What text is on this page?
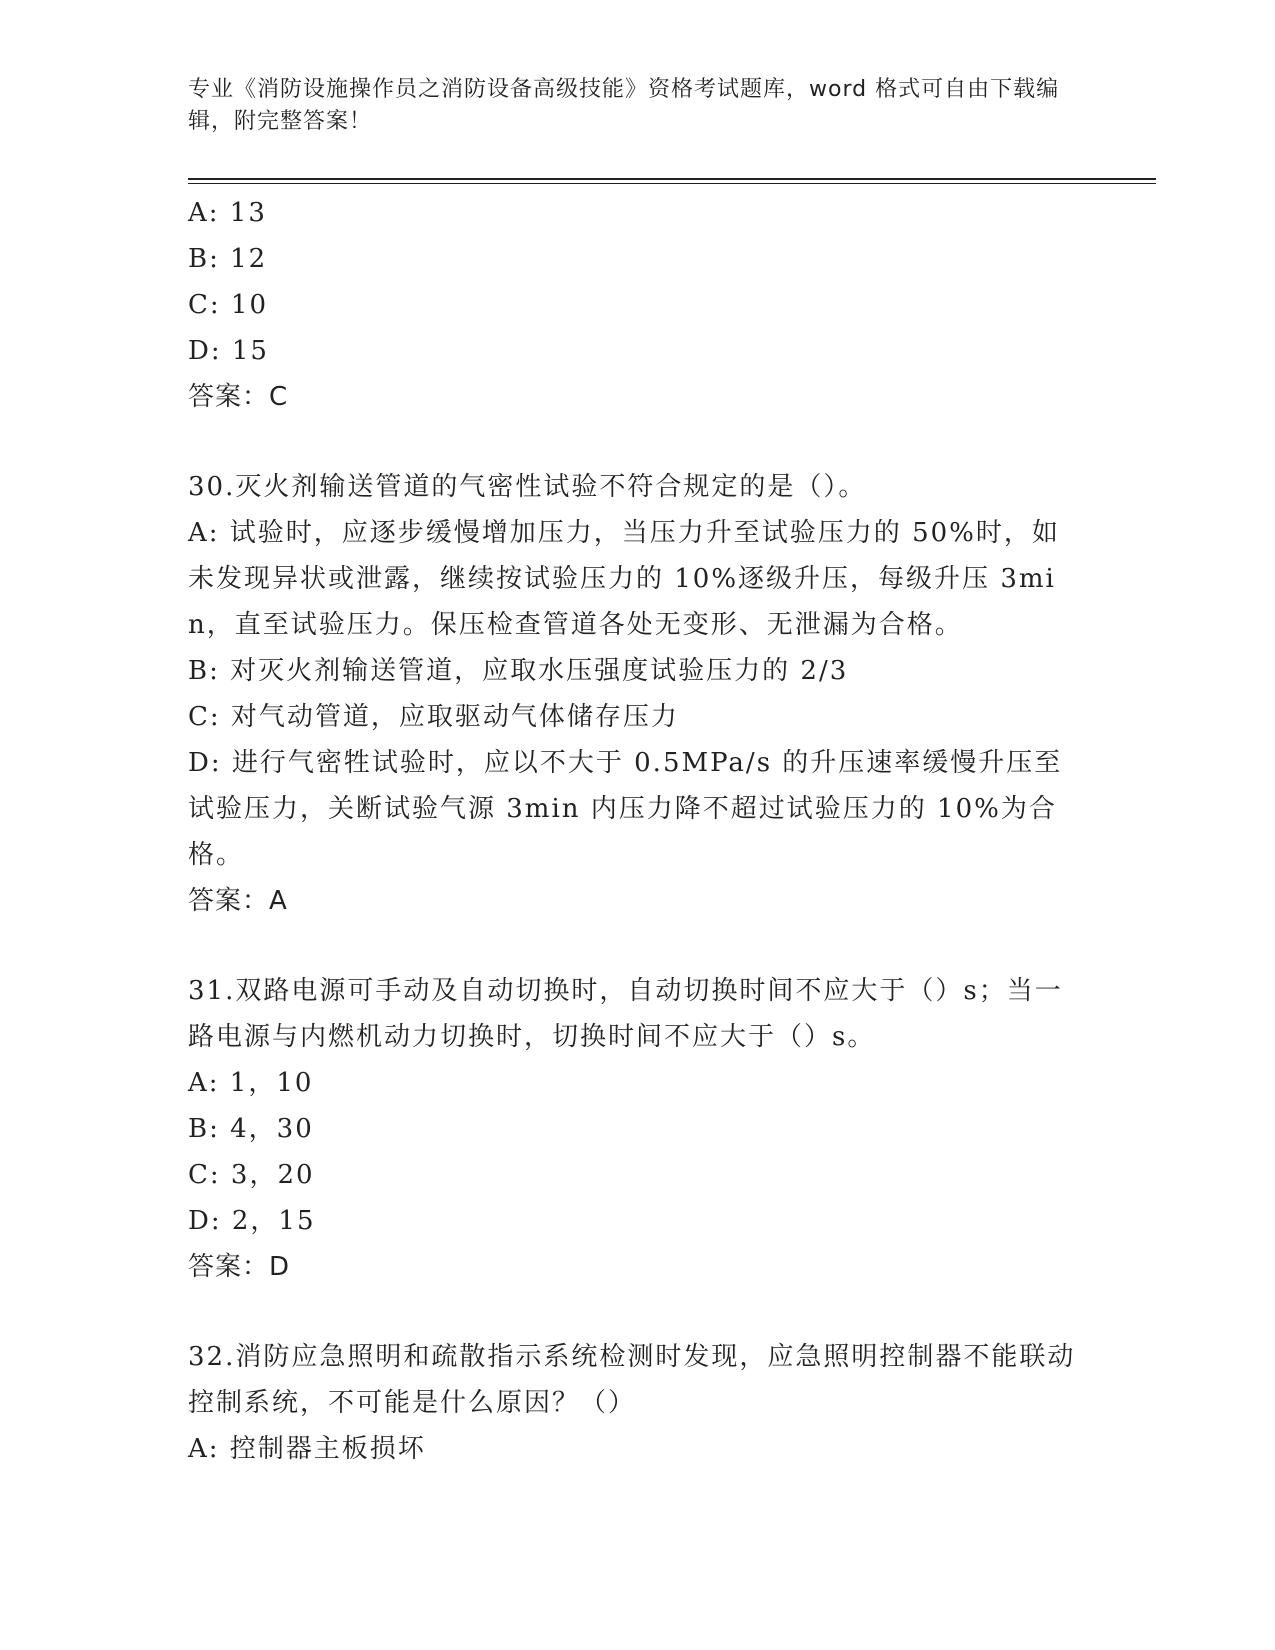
专业《消防设施操作员之消防设备高级技能》资格考试题库，word 格式可自由下载编辑，附完整答案！
A: 13
B: 12
C: 10
D: 15
答案：C
30.灭火剂输送管道的气密性试验不符合规定的是（）。
A: 试验时，应逐步缓慢增加压力，当压力升至试验压力的 50%时，如未发现异状或泄露，继续按试验压力的 10%逐级升压，每级升压 3min，直至试验压力。保压检查管道各处无变形、无泄漏为合格。
B: 对灭火剂输送管道，应取水压强度试验压力的 2/3
C: 对气动管道，应取驱动气体储存压力
D: 进行气密牲试验时，应以不大于 0.5MPa/s 的升压速率缓慢升压至试验压力，关断试验气源 3min 内压力降不超过试验压力的 10%为合格。
答案：A
31.双路电源可手动及自动切换时，自动切换时间不应大于（）s；当一路电源与内燃机动力切换时，切换时间不应大于（）s。
A: 1，10
B: 4，30
C: 3，20
D: 2，15
答案：D
32.消防应急照明和疏散指示系统检测时发现，应急照明控制器不能联动控制系统，不可能是什么原因？（）
A: 控制器主板损坏
